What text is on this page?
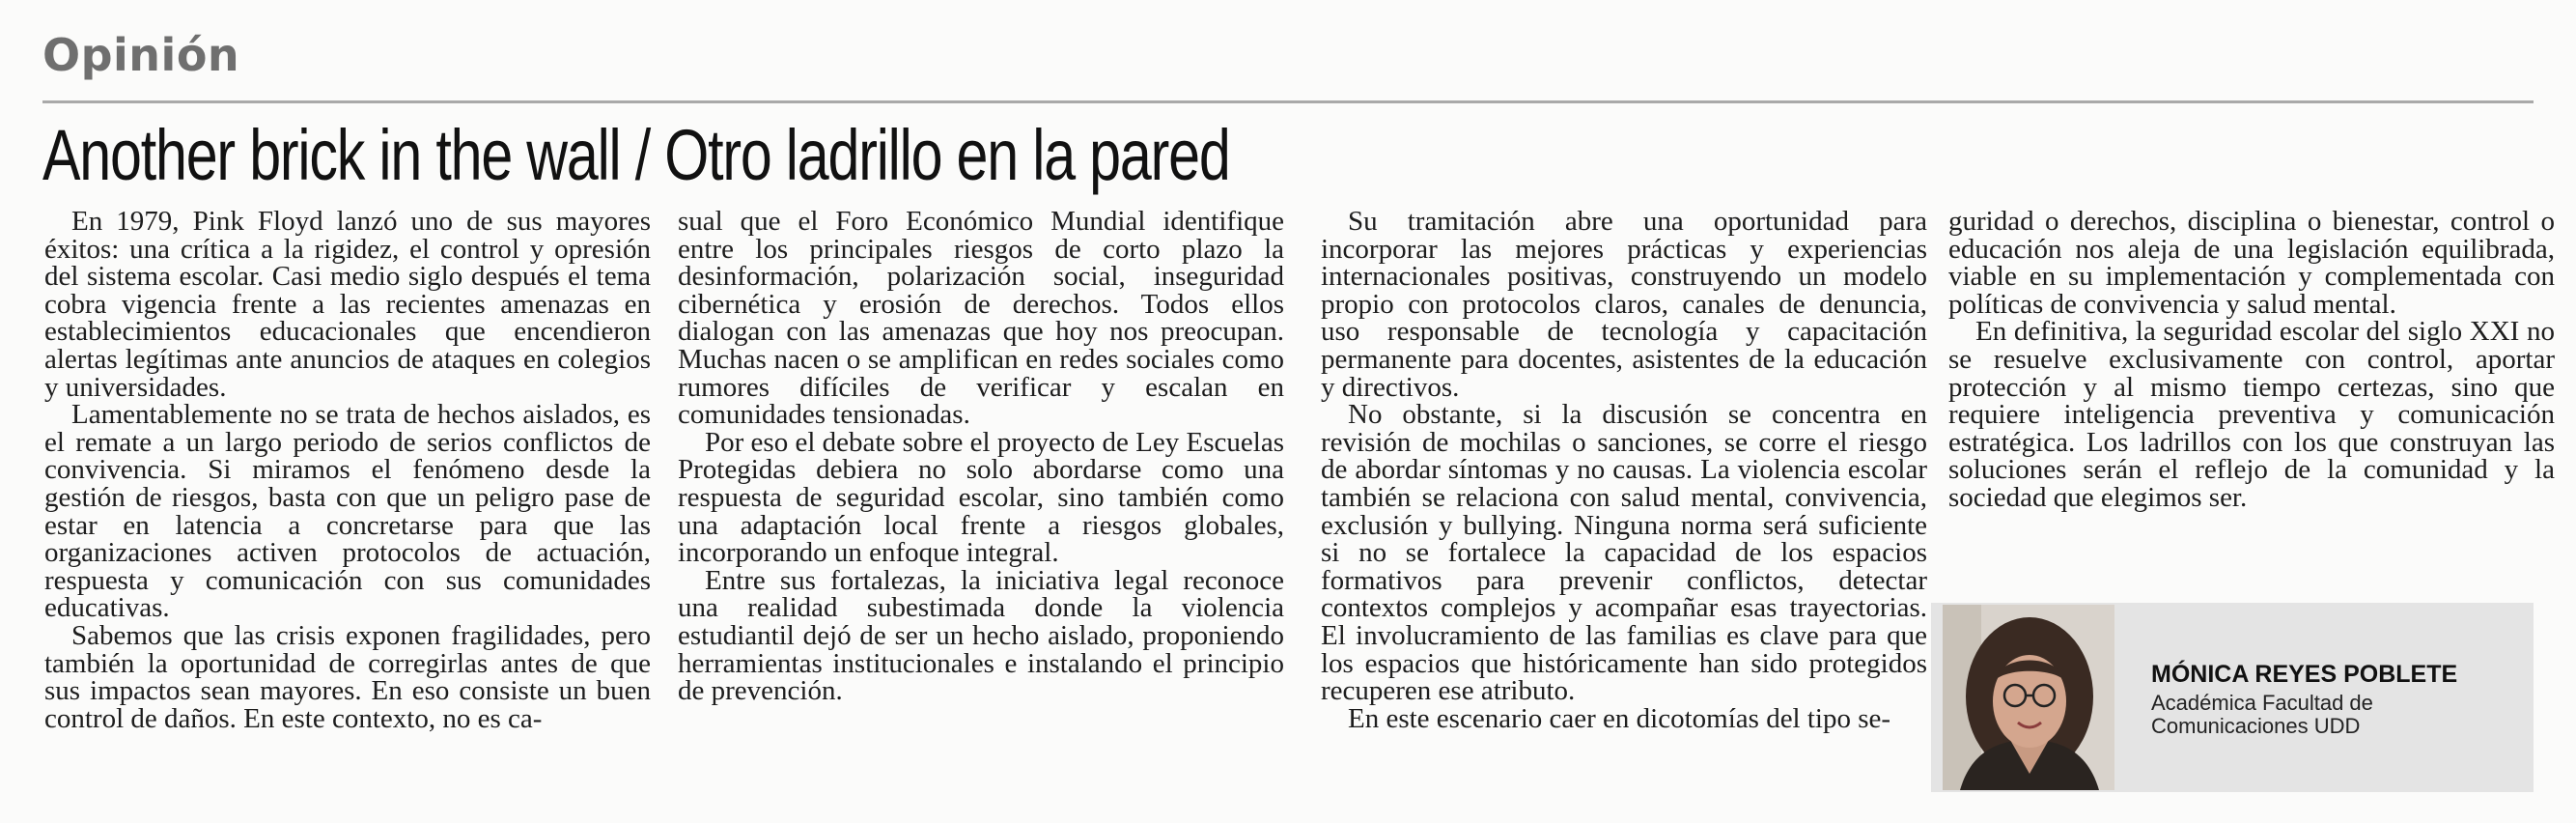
Opinión
Another brick in the wall / Otro ladrillo en la pared

En 1979, Pink Floyd lanzó uno de sus mayores éxitos: una crítica a la rigidez, el control y opresión del sistema escolar. Casi medio siglo después el tema cobra vigencia frente a las recientes amenazas en establecimientos educacionales que encendieron alertas legítimas ante anuncios de ataques en colegios y universidades.

Lamentablemente no se trata de hechos aislados, es el remate a un largo periodo de serios conflictos de convivencia. Si miramos el fenómeno desde la gestión de riesgos, basta con que un peligro pase de estar en latencia a concretarse para que las organizaciones activen protocolos de actuación, respuesta y comunicación con sus comunidades educativas.

Sabemos que las crisis exponen fragilidades, pero también la oportunidad de corregirlas antes de que sus impactos sean mayores. En eso consiste un buen control de daños. En este contexto, no es ca-

sual que el Foro Económico Mundial identifique entre los principales riesgos de corto plazo la desinformación, polarización social, inseguridad cibernética y erosión de derechos. Todos ellos dialogan con las amenazas que hoy nos preocupan. Muchas nacen o se amplifican en redes sociales como rumores difíciles de verificar y escalan en comunidades tensionadas.

Por eso el debate sobre el proyecto de Ley Escuelas Protegidas debiera no solo abordarse como una respuesta de seguridad escolar, sino también como una adaptación local frente a riesgos globales, incorporando un enfoque integral.

Entre sus fortalezas, la iniciativa legal reconoce una realidad subestimada donde la violencia estudiantil dejó de ser un hecho aislado, proponiendo herramientas institucionales e instalando el principio de prevención.

Su tramitación abre una oportunidad para incorporar las mejores prácticas y experiencias internacionales positivas, construyendo un modelo propio con protocolos claros, canales de denuncia, uso responsable de tecnología y capacitación permanente para docentes, asistentes de la educación y directivos.

No obstante, si la discusión se concentra en revisión de mochilas o sanciones, se corre el riesgo de abordar síntomas y no causas. La violencia escolar también se relaciona con salud mental, convivencia, exclusión y bullying. Ninguna norma será suficiente si no se fortalece la capacidad de los espacios formativos para prevenir conflictos, detectar contextos complejos y acompañar esas trayectorias. El involucramiento de las familias es clave para que los espacios que históricamente han sido protegidos recuperen ese atributo.

En este escenario caer en dicotomías del tipo se-

guridad o derechos, disciplina o bienestar, control o educación nos aleja de una legislación equilibrada, viable en su implementación y complementada con políticas de convivencia y salud mental.

En definitiva, la seguridad escolar del siglo XXI no se resuelve exclusivamente con control, aportar protección y al mismo tiempo certezas, sino que requiere inteligencia preventiva y comunicación estratégica. Los ladrillos con los que construyan las soluciones serán el reflejo de la comunidad y la sociedad que elegimos ser.

MÓNICA REYES POBLETE
Académica Facultad de
Comunicaciones UDD
